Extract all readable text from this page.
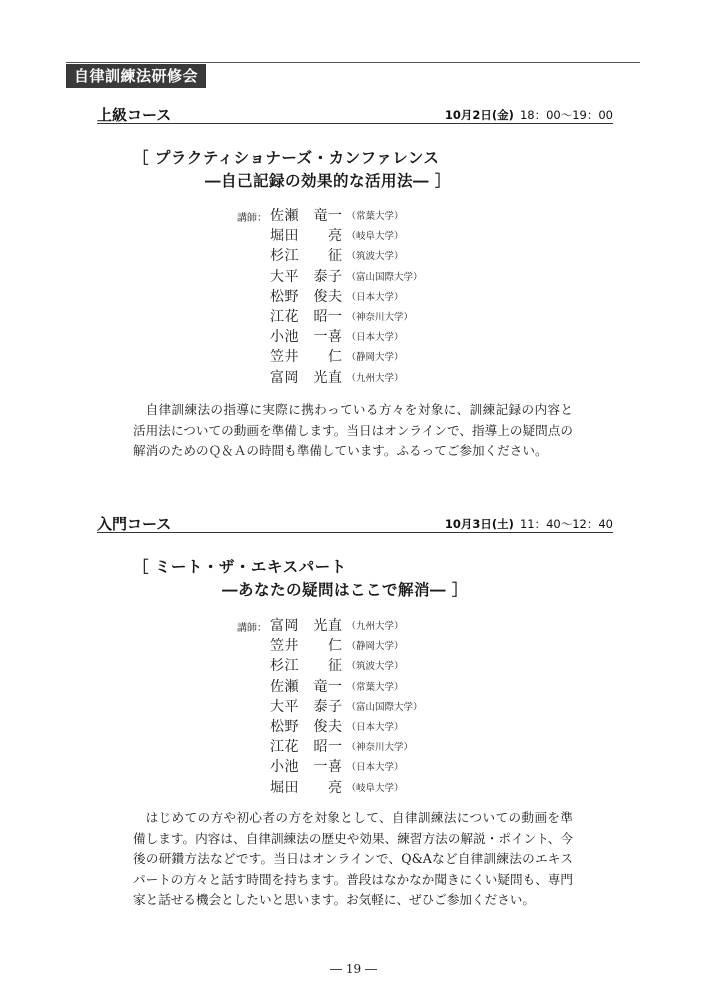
自律訓練法研修会
上級コース	10月2日(金) 18：00〜19：00
［ プラクティショナーズ・カンファレンス
―自己記録の効果的な活用法― ］
講師： 佐瀬　竜一 （常葉大学）
堀田　　亮 （岐阜大学）
杉江　　征 （筑波大学）
大平　泰子 （富山国際大学）
松野　俊夫 （日本大学）
江花　昭一 （神奈川大学）
小池　一喜 （日本大学）
笠井　　仁 （静岡大学）
富岡　光直 （九州大学）
自律訓練法の指導に実際に携わっている方々を対象に、訓練記録の内容と活用法についての動画を準備します。当日はオンラインで、指導上の疑問点の解消のためのＱ＆Ａの時間も準備しています。ふるってご参加ください。
入門コース	10月3日(土) 11：40〜12：40
［ ミート・ザ・エキスパート
―あなたの疑問はここで解消― ］
講師： 富岡　光直 （九州大学）
笠井　　仁 （静岡大学）
杉江　　征 （筑波大学）
佐瀬　竜一 （常葉大学）
大平　泰子 （富山国際大学）
松野　俊夫 （日本大学）
江花　昭一 （神奈川大学）
小池　一喜 （日本大学）
堀田　　亮 （岐阜大学）
はじめての方や初心者の方を対象として、自律訓練法についての動画を準備します。内容は、自律訓練法の歴史や効果、練習方法の解説・ポイント、今後の研鑽方法などです。当日はオンラインで、Q&Aなど自律訓練法のエキスパートの方々と話す時間を持ちます。普段はなかなか聞きにくい疑問も、専門家と話せる機会としたいと思います。お気軽に、ぜひご参加ください。
― 19 ―
